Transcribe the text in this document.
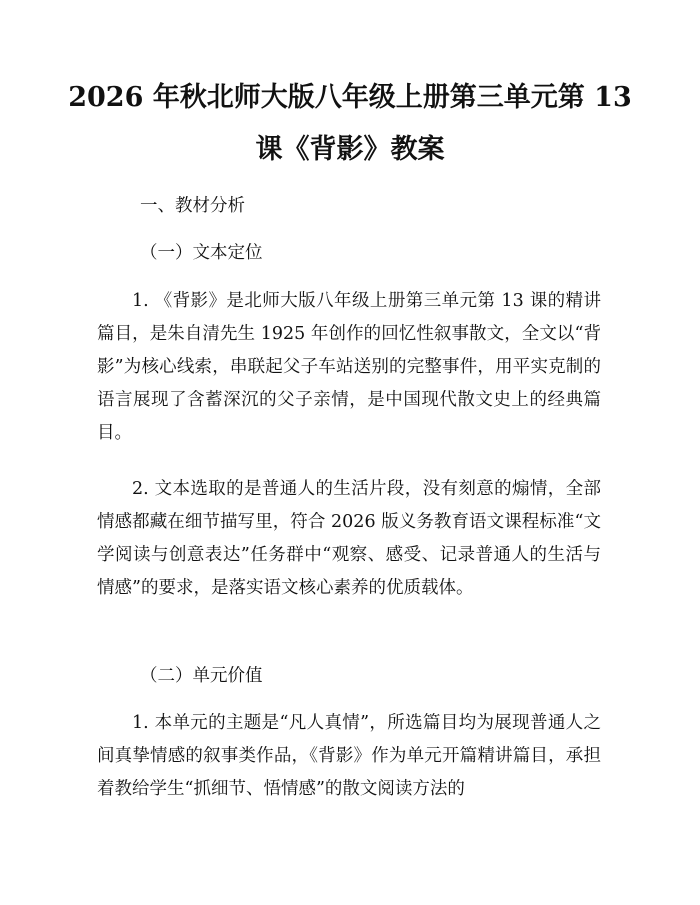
2026 年秋北师大版八年级上册第三单元第 13
课《背影》教案
一、教材分析
（一）文本定位
1. 《背影》是北师大版八年级上册第三单元第 13 课的精讲篇目，是朱自清先生 1925 年创作的回忆性叙事散文，全文以“背影”为核心线索，串联起父子车站送别的完整事件，用平实克制的语言展现了含蓄深沉的父子亲情，是中国现代散文史上的经典篇目。
2. 文本选取的是普通人的生活片段，没有刻意的煽情，全部情感都藏在细节描写里，符合 2026 版义务教育语文课程标准“文学阅读与创意表达”任务群中“观察、感受、记录普通人的生活与情感”的要求，是落实语文核心素养的优质载体。
（二）单元价值
1. 本单元的主题是“凡人真情”，所选篇目均为展现普通人之间真挚情感的叙事类作品，《背影》作为单元开篇精讲篇目，承担着教给学生“抓细节、悟情感”的散文阅读方法的
